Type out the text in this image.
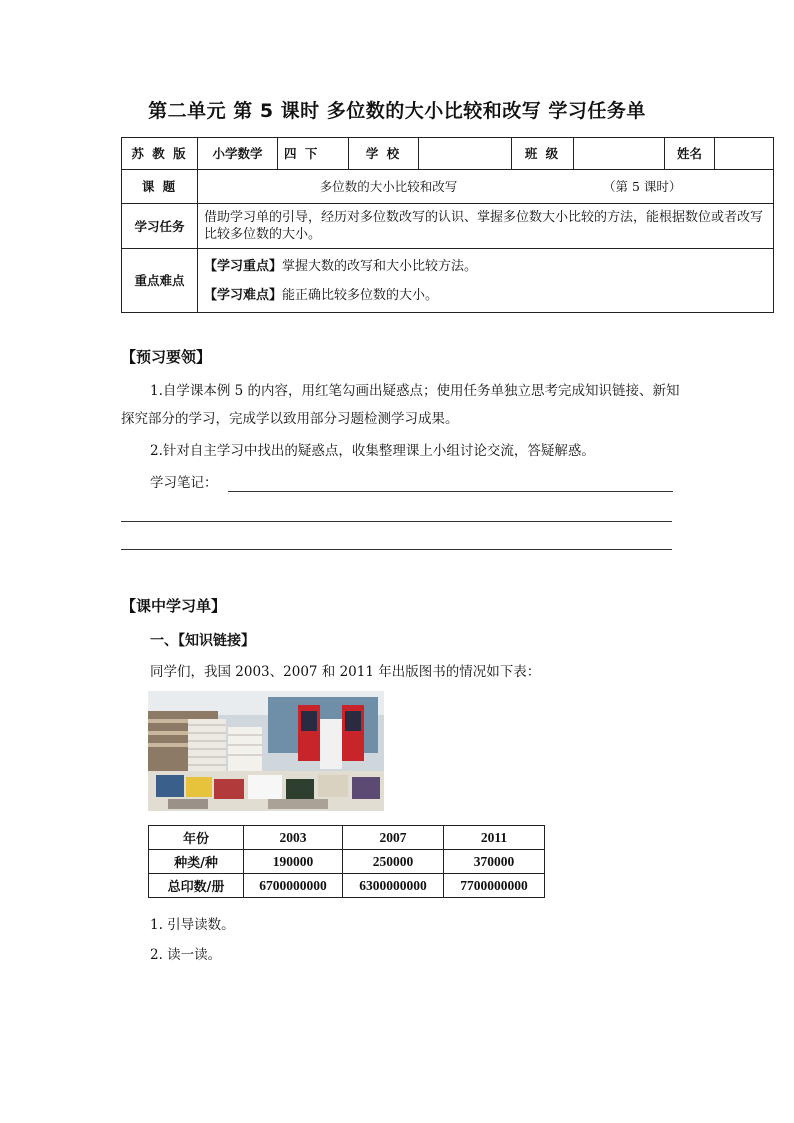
第二单元 第 5 课时 多位数的大小比较和改写 学习任务单
苏 教 版	小学数学	四 下	学 校		班 级		姓名	
课 题	多位数的大小比较和改写 （第 5 课时）							
学习任务	借助学习单的引导，经历对多位数改写的认识、掌握多位数大小比较的方法，能根据数位或者改写比较多位数的大小。							
重点难点	【学习重点】掌握大数的改写和大小比较方法。
【学习难点】能正确比较多位数的大小。							
【预习要领】
1.自学课本例 5 的内容，用红笔勾画出疑惑点；使用任务单独立思考完成知识链接、新知探究部分的学习，完成学以致用部分习题检测学习成果。
2.针对自主学习中找出的疑惑点，收集整理课上小组讨论交流，答疑解惑。
学习笔记：
【课中学习单】
一、【知识链接】
同学们，我国 2003、2007 和 2011 年出版图书的情况如下表：
年份	2003	2007	2011
种类/种	190000	250000	370000
总印数/册	6700000000	6300000000	7700000000
1. 引导读数。
2. 读一读。
